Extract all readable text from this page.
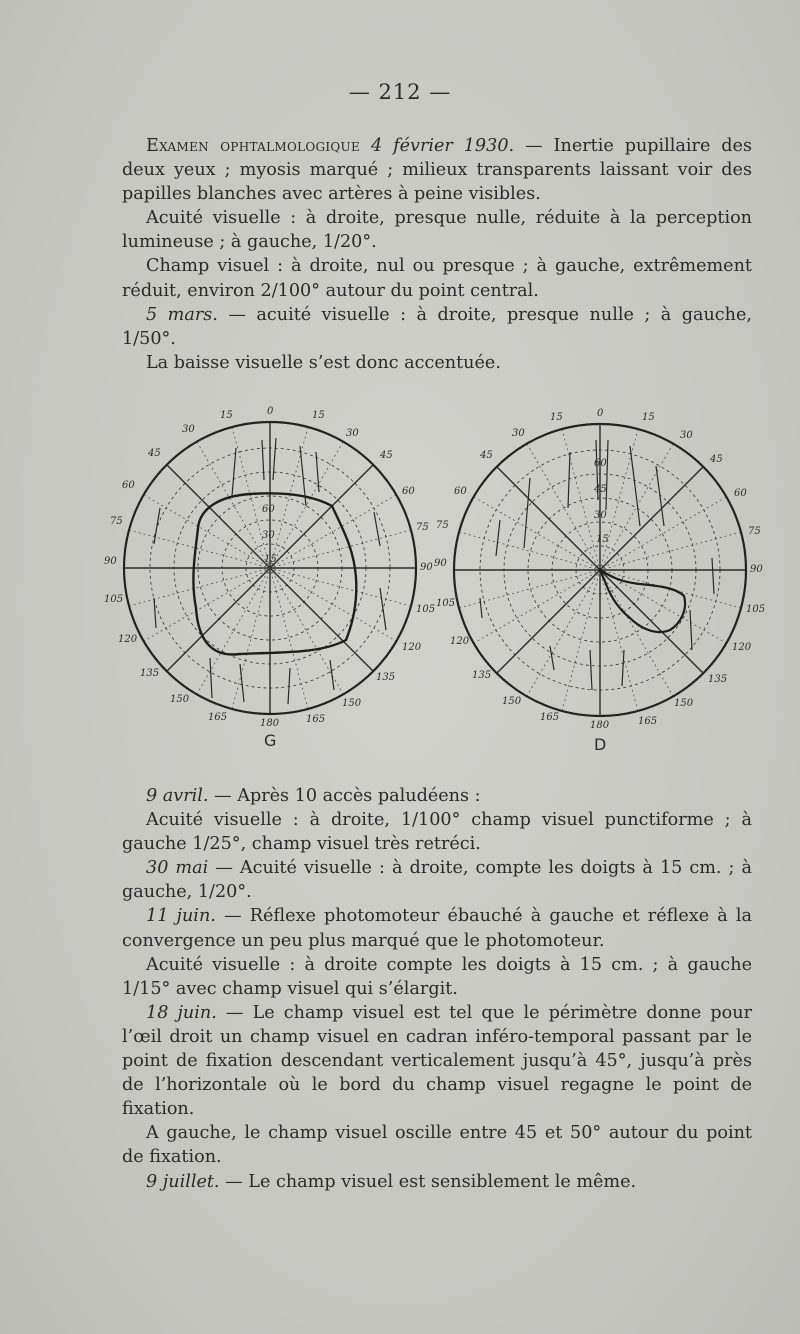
— 212 —

Examen ophtalmologique 4 février 1930. — Inertie pupillaire des deux yeux ; myosis marqué ; milieux transparents laissant voir des papilles blanches avec artères à peine visibles.

Acuité visuelle : à droite, presque nulle, réduite à la perception lumineuse ; à gauche, 1/20°.

Champ visuel : à droite, nul ou presque ; à gauche, extrêmement réduit, environ 2/100° autour du point central.

5 mars. — acuité visuelle : à droite, presque nulle ; à gauche, 1/50°.

La baisse visuelle s’est donc accentuée.

0
15	15
30	30
45	45
60
60
75
75
90
90
105
105
120
120
135	135
150	150
165	165
180
60
30
15
G
0
15	15
30	30
45	45
60	60
75
75
90
90
105
105
120
120
135	135
150	150
165	165
180
60
45
30
15
D

9 avril. — Après 10 accès paludéens :

Acuité visuelle : à droite, 1/100° champ visuel punctiforme ; à gauche 1/25°, champ visuel très retréci.

30 mai — Acuité visuelle : à droite, compte les doigts à 15 cm. ; à gauche, 1/20°.

11 juin. — Réflexe photomoteur ébauché à gauche et réflexe à la convergence un peu plus marqué que le photomoteur.

Acuité visuelle : à droite compte les doigts à 15 cm. ; à gauche 1/15° avec champ visuel qui s’élargit.

18 juin. — Le champ visuel est tel que le périmètre donne pour l’œil droit un champ visuel en cadran inféro-temporal passant par le point de fixation descendant verticalement jusqu’à 45°, jusqu’à près de l’horizontale où le bord du champ visuel regagne le point de fixation.

A gauche, le champ visuel oscille entre 45 et 50° autour du point de fixation.

9 juillet. — Le champ visuel est sensiblement le même.
